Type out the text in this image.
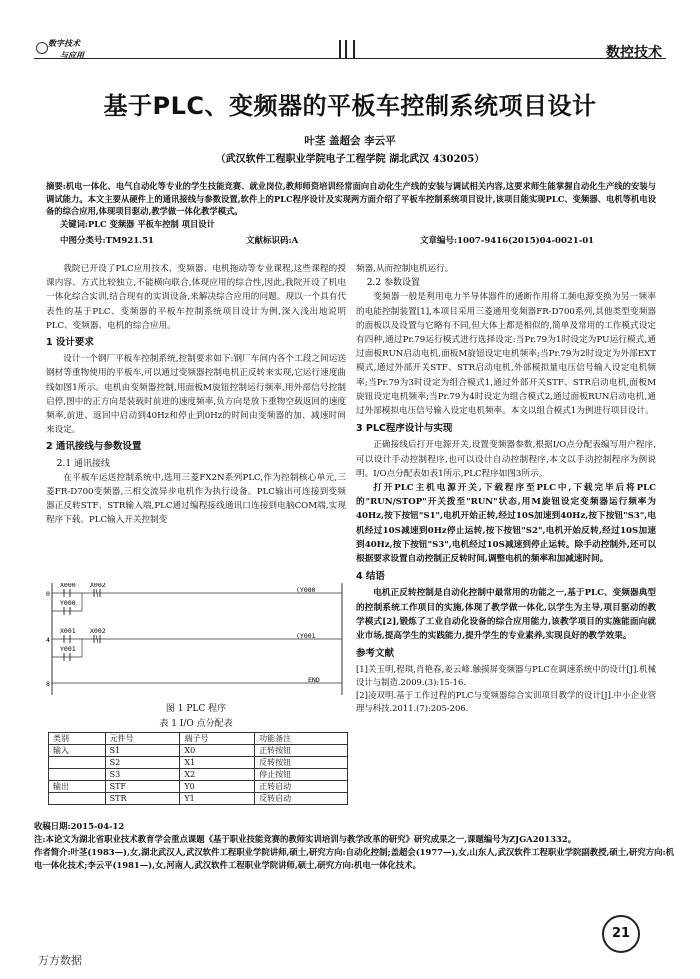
数字技术
与应用	数控技术
基于PLC、变频器的平板车控制系统项目设计
叶茎 盖超会 李云平
（武汉软件工程职业学院电子工程学院 湖北武汉 430205）
摘要:机电一体化、电气自动化等专业的学生技能竞赛、就业岗位,教师师资培训经常面向自动化生产线的安装与调试相关内容,这要求师生能掌握自动化生产线的安装与调试能力。本文主要从硬件上的通讯接线与参数设置,软件上的PLC程序设计及实现两方面介绍了平板车控制系统项目设计,该项目能实现PLC、变频器、电机等机电设备的综合应用,体现项目驱动,教学做一体化教学模式。
关键词:PLC 变频器 平板车控制 项目设计
中图分类号:TM921.51	文献标识码:A	文章编号:1007-9416(2015)04-0021-01

我院已开设了PLC应用技术、变频器、电机拖动等专业课程,这些课程的授课内容、方式比较独立,不能横向联合,体现应用的综合性,因此,我院开设了机电一体化综合实训,结合现有的实训设备,来解决综合应用的问题。现以一个具有代表性的基于PLC、变频器的平板车控制系统项目设计为例,深入浅出地说明PLC、变频器、电机的综合应用。

1 设计要求

设计一个钢厂平板车控制系统,控制要求如下:钢厂车间内各个工段之间运送钢材等重物使用的平板车,可以通过变频器控制电机正反转来实现,它运行速度曲线如图1所示。电机由变频器控制,用面板M旋钮控制运行频率,用外部信号控制启停,图中的正方向是装载时前进的速度频率,负方向是放下重物空载返回的速度频率,前进、返回中启动到40Hz和停止到0Hz的时间由变频器的加、减速时间来设定。

2 通讯接线与参数设置

2.1 通讯接线

在平板车运送控制系统中,选用三菱FX2N系列PLC,作为控制核心单元,三菱FR-D700变频器,三相交流异步电机作为执行设备。PLC输出可连接到变频器正反转STF、STR输入端,PLC通过编程接线通讯口连接到电脑COM端,实现程序下载。PLC输入开关控制变

X000 X002
(Y000
Y000
0
X001 X002
(Y001
Y001
4
END
8
图 1 PLC 程序
表 1 I/O 点分配表
类别	元件号	端子号	功能备注
输入	S1	X0	正转按钮
	S2	X1	反转按钮
	S3	X2	停止按钮
输出	STF	Y0	正转启动
	STR	Y1	反转启动

频器,从而控制电机运行。

2.2 参数设置

变频器一般是利用电力半导体器件的通断作用将工频电源变换为另一频率的电能控制装置[1],本项目采用三菱通用变频器FR-D700系列,其他类型变频器的面板以及设置与它略有不同,但大体上都是相似的,简单及常用的工作模式设定有四种,通过Pr.79运行模式进行选择设定:当Pr.79为1时设定为PU运行模式,通过面板RUN启动电机,面板M旋钮设定电机频率;当Pr.79为2时设定为外部EXT模式,通过外部开关STF、STR启动电机,外部模拟量电压信号输入设定电机频率;当Pr.79为3时设定为组合模式1,通过外部开关STF、STR启动电机,面板M旋钮设定电机频率;当Pr.79为4时设定为组合模式2,通过面板RUN启动电机,通过外部模拟电压信号输入设定电机频率。本文以组合模式1为例进行项目设计。

3 PLC程序设计与实现

正确接线后打开电源开关,设置变频器参数,根据I/O点分配表编写用户程序,可以设计手动控制程序,也可以设计自动控制程序,本文以手动控制程序为例说明。I/O点分配表如表1所示,PLC程序如图3所示。

打开PLC主机电源开关,下载程序至PLC中,下载完毕后将PLC的"RUN/STOP"开关拨至"RUN"状态,用M旋钮设定变频器运行频率为40Hz,按下按钮"S1",电机开始正转,经过10S加速到40Hz,按下按钮"S3",电机经过10S减速到0Hz停止运转,按下按钮"S2",电机开始反转,经过10S加速到40Hz,按下按钮"S3",电机经过10S减速到停止运转。除手动控制外,还可以根据要求设置自动控制正反转时间,调整电机的频率和加减速时间。

4 结语

电机正反转控制是自动化控制中最常用的功能之一,基于PLC、变频器典型的控制系统工作项目的实施,体现了教学做一体化,以学生为主导,项目驱动的教学模式[2],锻炼了工业自动化设备的综合应用能力,该教学项目的实施能面向就业市场,提高学生的实践能力,提升学生的专业素养,实现良好的教学效果。

参考文献

[1]关玉明,程琪,肖艳春,姜云峰.触摸屏变频器与PLC在调速系统中的设计[J].机械设计与制造.2009.(3):15-16.

[2]凌双明.基于工作过程的PLC与变频器综合实训项目教学的设计[J].中小企业管理与科技.2011.(7):205-206.

收稿日期:2015-04-12
注:本论文为湖北省职业技术教育学会重点课题《基于职业技能竞赛的教师实训培训与教学改革的研究》研究成果之一,课题编号为ZJGA201332。
作者简介:叶茎(1983—),女,湖北武汉人,武汉软件工程职业学院讲师,硕士,研究方向:自动化控制;盖超会(1977—),女,山东人,武汉软件工程职业学院副教授,硕士,研究方向:机电一体化技术;李云平(1981—),女,河南人,武汉软件工程职业学院讲师,硕士,研究方向:机电一体化技术。
21
万方数据
